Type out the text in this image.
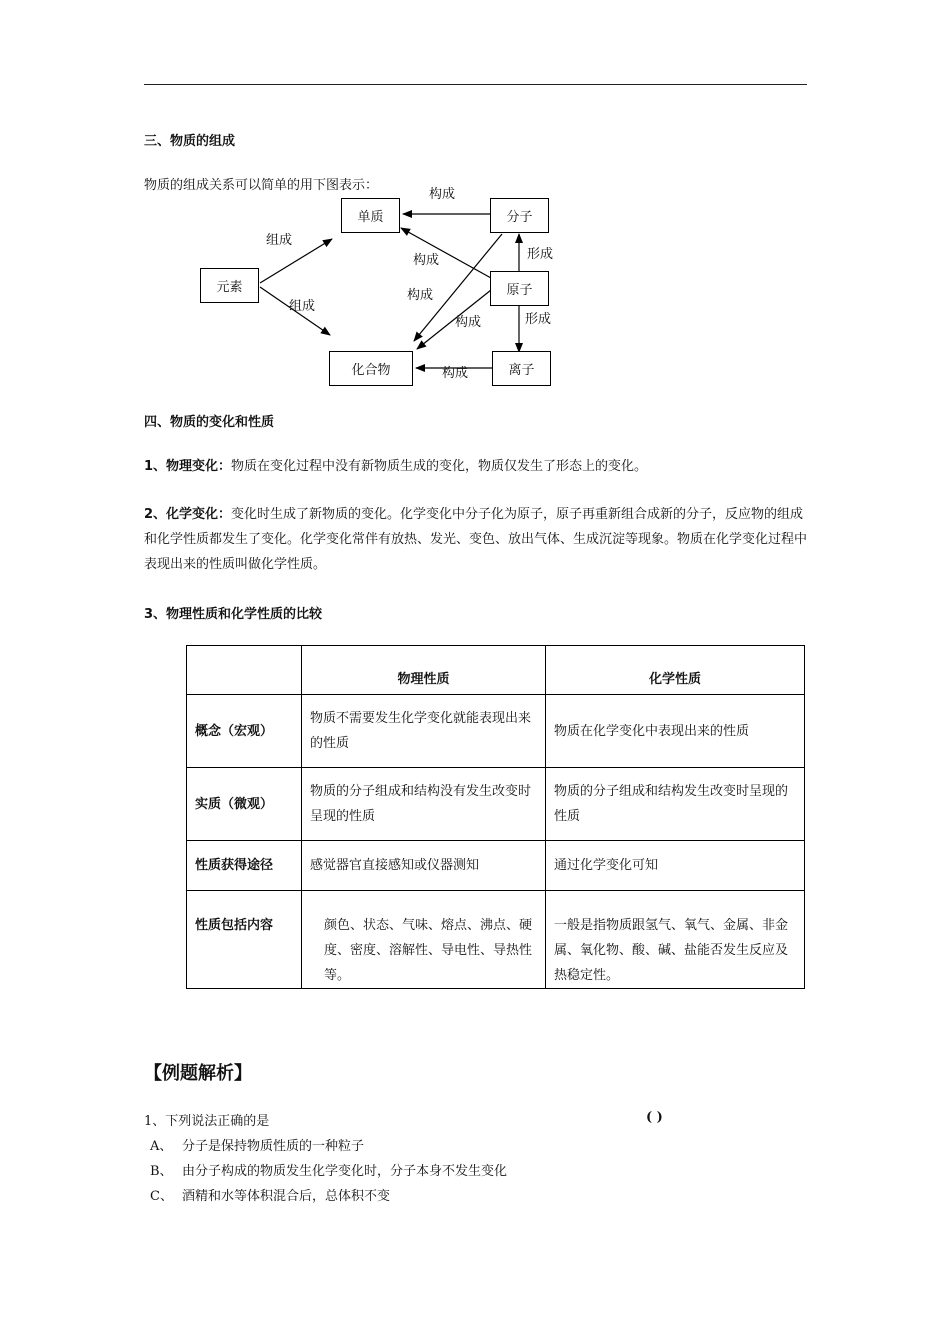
三、物质的组成
物质的组成关系可以简单的用下图表示：
单质	分子
元素	原子
化合物	离子
构成
组成
组成
构成
构成
构成
构成
形成
形成
四、物质的变化和性质
1、物理变化：物质在变化过程中没有新物质生成的变化，物质仅发生了形态上的变化。
2、化学变化：变化时生成了新物质的变化。化学变化中分子化为原子，原子再重新组合成新的分子，反应物的组成和化学性质都发生了变化。化学变化常伴有放热、发光、变色、放出气体、生成沉淀等现象。物质在化学变化过程中表现出来的性质叫做化学性质。
3、物理性质和化学性质的比较
	物理性质	化学性质
概念（宏观）	物质不需要发生化学变化就能表现出来的性质	物质在化学变化中表现出来的性质
实质（微观）	物质的分子组成和结构没有发生改变时呈现的性质	物质的分子组成和结构发生改变时呈现的性质
性质获得途径	感觉器官直接感知或仪器测知	通过化学变化可知
性质包括内容	颜色、状态、气味、熔点、沸点、硬度、密度、溶解性、导电性、导热性等。	一般是指物质跟氢气、氧气、金属、非金属、氧化物、酸、碱、盐能否发生反应及热稳定性。
【例题解析】
1、下列说法正确的是	( )
A、 分子是保持物质性质的一种粒子
B、 由分子构成的物质发生化学变化时，分子本身不发生变化
C、 酒精和水等体积混合后，总体积不变
